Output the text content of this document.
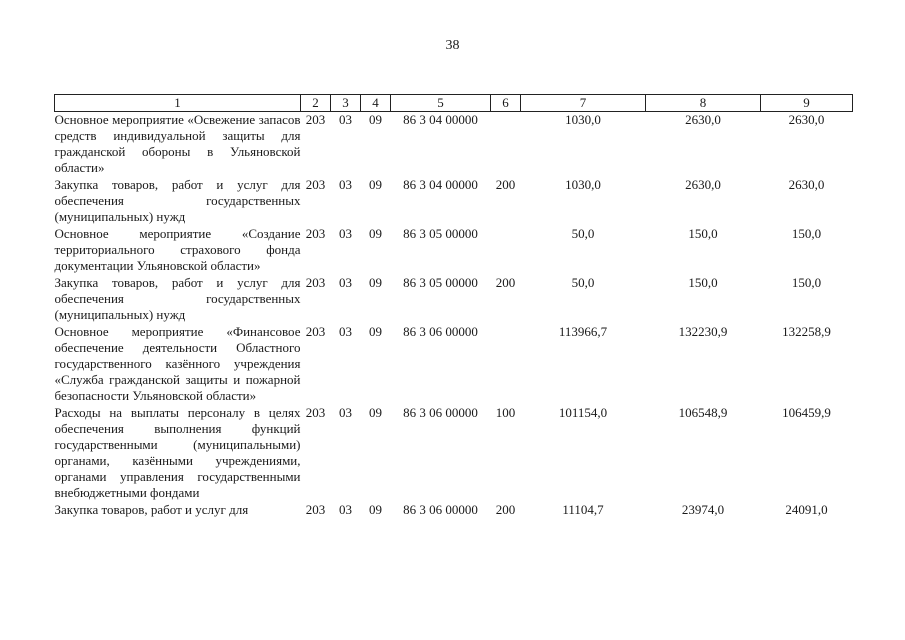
38
1	2	3	4	5	6	7	8	9
Основное мероприятие «Освежение запасов средств индивидуальной защиты для гражданской обороны в Ульяновской области»	203	03	09	86 3 04 00000		1030,0	2630,0	2630,0
Закупка товаров, работ и услуг для обеспечения государственных (муниципальных) нужд	203	03	09	86 3 04 00000	200	1030,0	2630,0	2630,0
Основное мероприятие «Создание территориального страхового фонда документации Ульяновской области»	203	03	09	86 3 05 00000		50,0	150,0	150,0
Закупка товаров, работ и услуг для обеспечения государственных (муниципальных) нужд	203	03	09	86 3 05 00000	200	50,0	150,0	150,0
Основное мероприятие «Финансовое обеспечение деятельности Областного государственного казённого учреждения «Служба гражданской защиты и пожарной безопасности Ульяновской области»	203	03	09	86 3 06 00000		113966,7	132230,9	132258,9
Расходы на выплаты персоналу в целях обеспечения выполнения функций государственными (муниципальными) органами, казёнными учреждениями, органами управления государственными внебюджетными фондами	203	03	09	86 3 06 00000	100	101154,0	106548,9	106459,9
Закупка товаров, работ и услуг для	203	03	09	86 3 06 00000	200	11104,7	23974,0	24091,0
